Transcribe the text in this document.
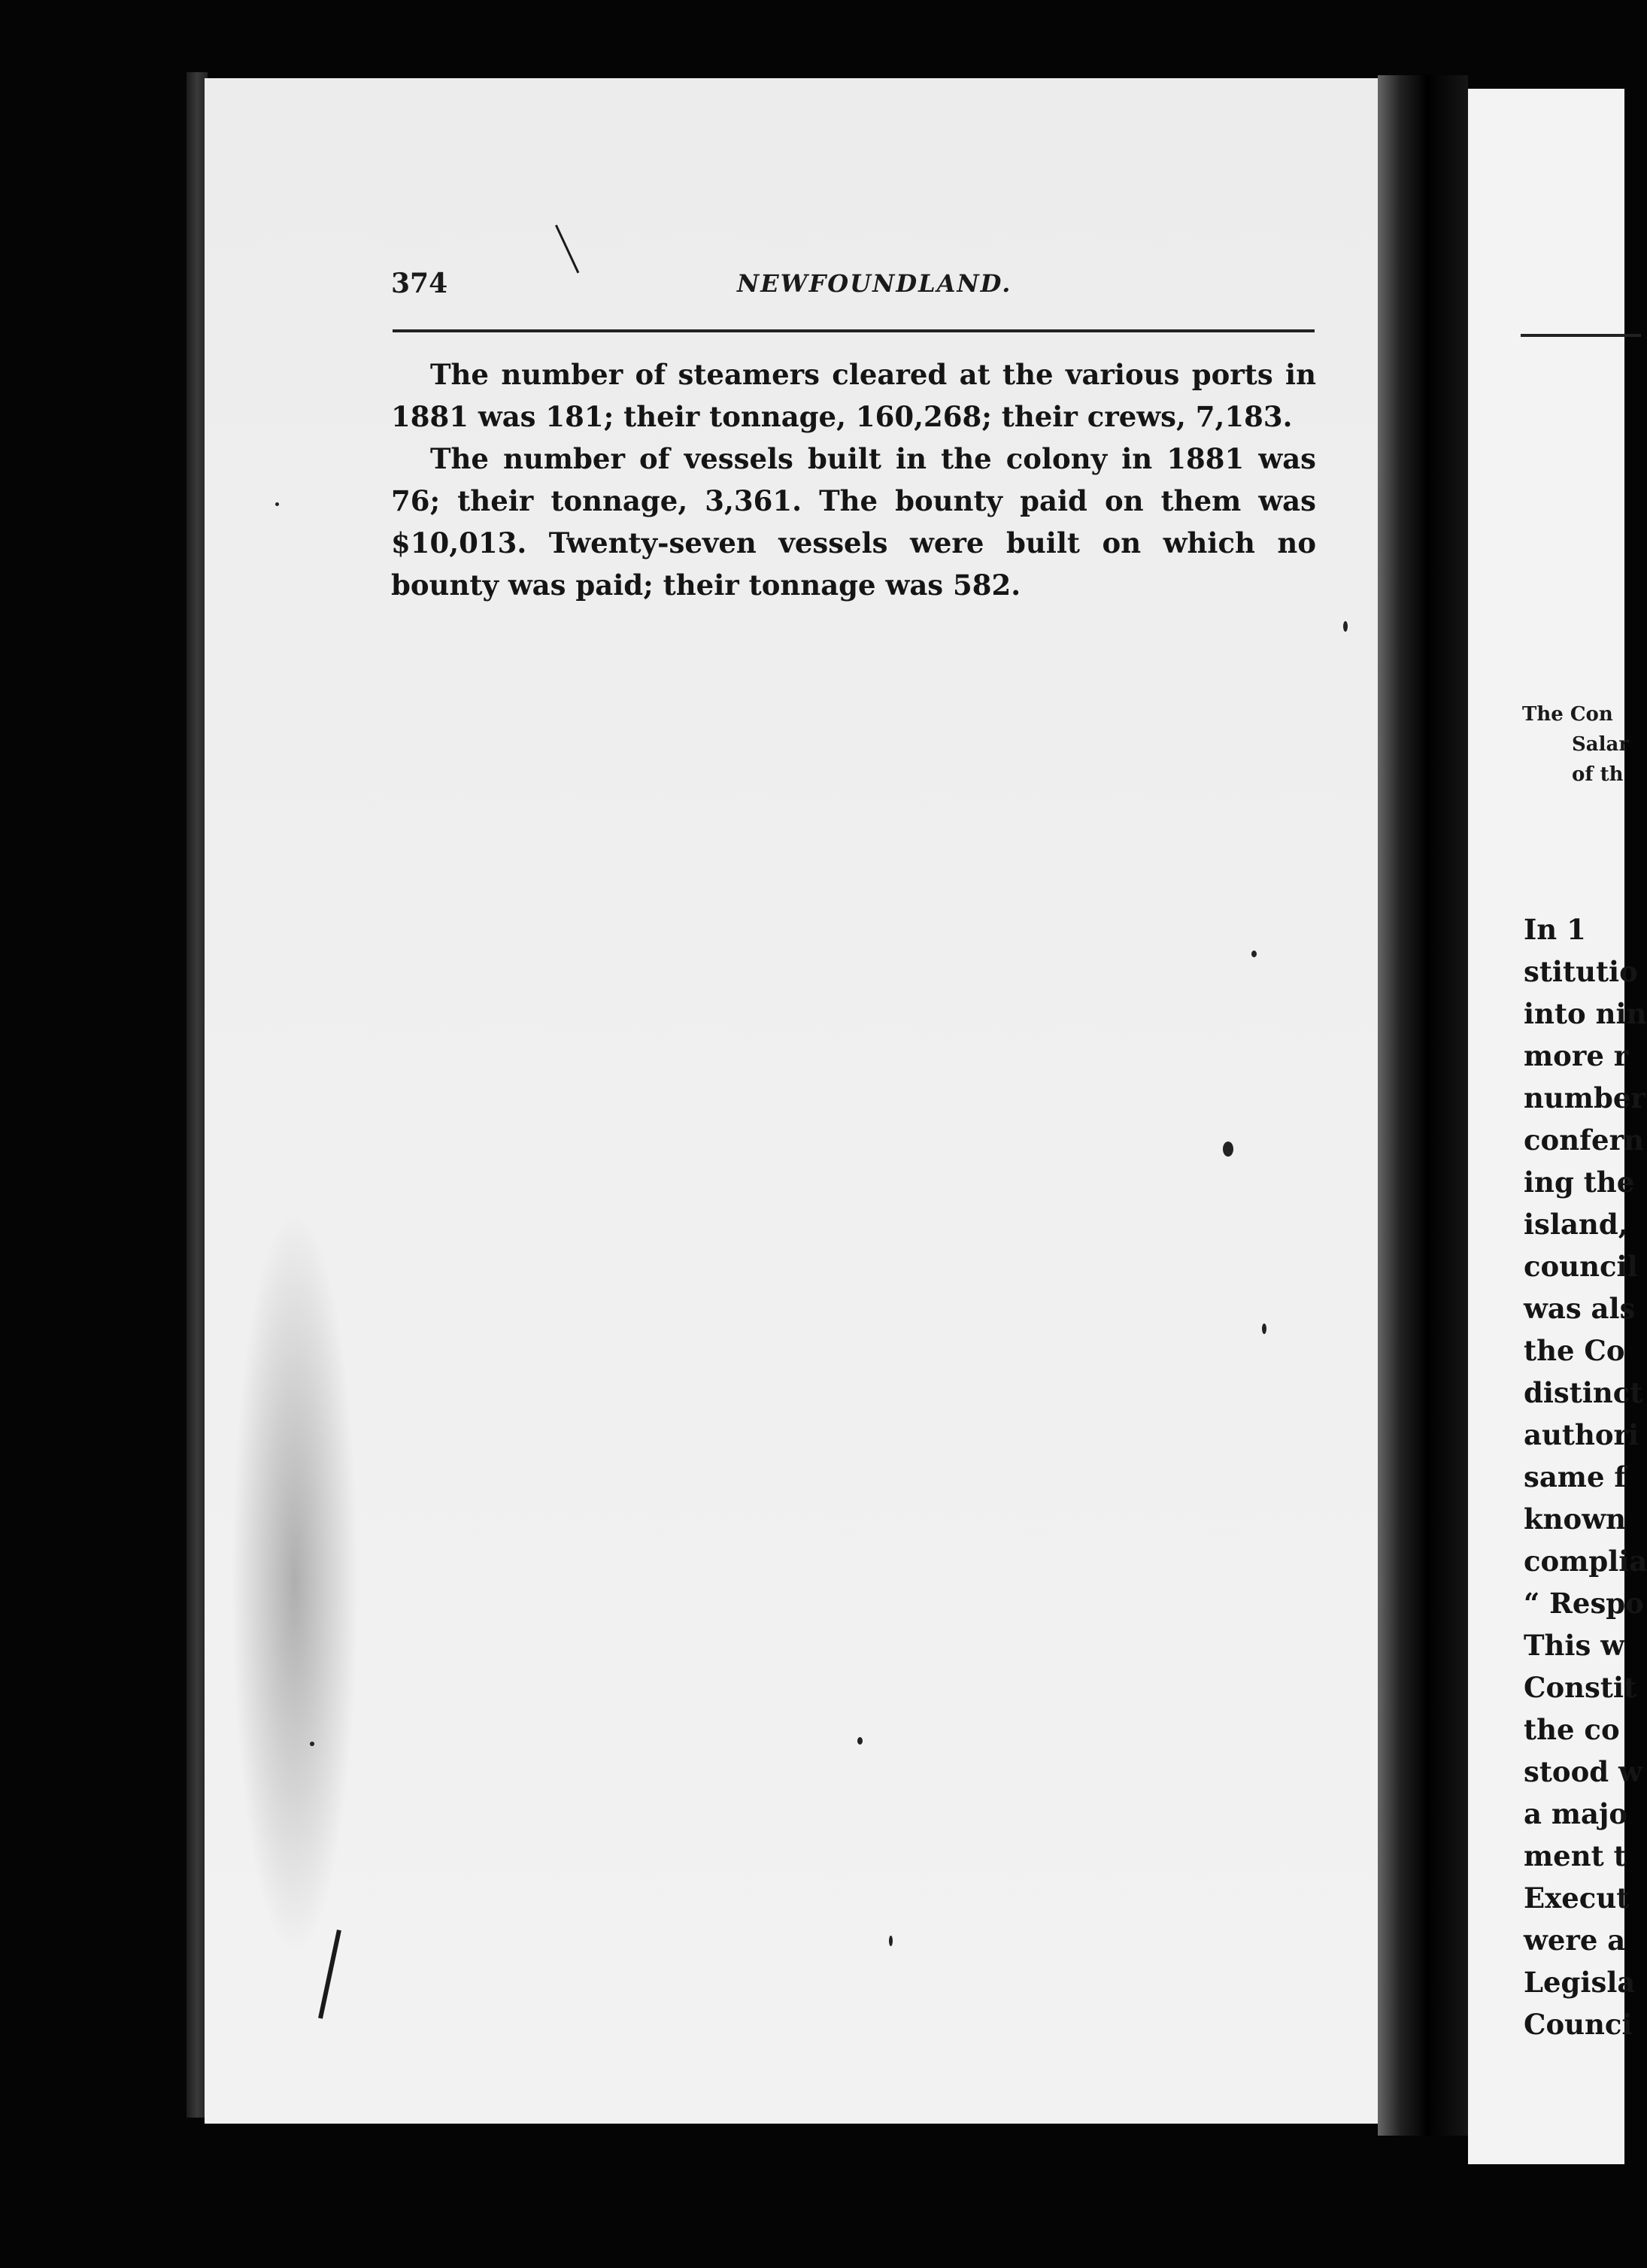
374	NEWFOUNDLAND.

The number of steamers cleared at the various ports in 1881 was 181; their tonnage, 160,268; their crews, 7,183.

The number of vessels built in the colony in 1881 was 76; their tonnage, 3,361. The bounty paid on them was $10,013. Twenty-seven vessels were built on which no bounty was paid; their tonnage was 582.

The Con
Salar
of th
In 1
stitutio
into nin
more r
number
confern
ing the
island,
council
was als
the Co
distinct
authori
same f
known
complia
“ Respo
This w
Constit
the co
stood w
a majo
ment t
Execut
were a
Legisla
Counci
